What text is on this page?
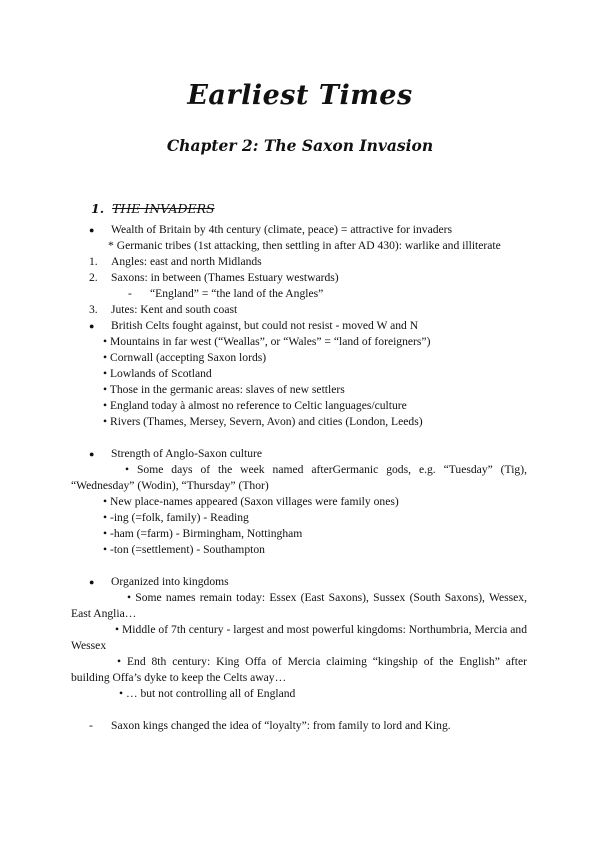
Earliest Times
Chapter 2: The Saxon Invasion
1. THE INVADERS
● Wealth of Britain by 4th century (climate, peace) = attractive for invaders
* Germanic tribes (1st attacking, then settling in after AD 430): warlike and illiterate
1. Angles: east and north Midlands
2. Saxons: in between (Thames Estuary westwards)
- “England” = “the land of the Angles”
3. Jutes: Kent and south coast
● British Celts fought against, but could not resist - moved W and N
• Mountains in far west (“Weallas”, or “Wales” = “land of foreigners”)
• Cornwall (accepting Saxon lords)
• Lowlands of Scotland
• Those in the germanic areas: slaves of new settlers
• England today à almost no reference to Celtic languages/culture
• Rivers (Thames, Mersey, Severn, Avon) and cities (London, Leeds)
● Strength of Anglo-Saxon culture
• Some days of the week named afterGermanic gods, e.g. “Tuesday” (Tig), “Wednesday” (Wodin), “Thursday” (Thor)
• New place-names appeared (Saxon villages were family ones)
• -ing (=folk, family) - Reading
• -ham (=farm) - Birmingham, Nottingham
• -ton (=settlement) - Southampton
● Organized into kingdoms
• Some names remain today: Essex (East Saxons), Sussex (South Saxons), Wessex, East Anglia…
• Middle of 7th century - largest and most powerful kingdoms: Northumbria, Mercia and Wessex
• End 8th century: King Offa of Mercia claiming “kingship of the English” after building Offa’s dyke to keep the Celts away…
• … but not controlling all of England
- Saxon kings changed the idea of “loyalty”: from family to lord and King.
